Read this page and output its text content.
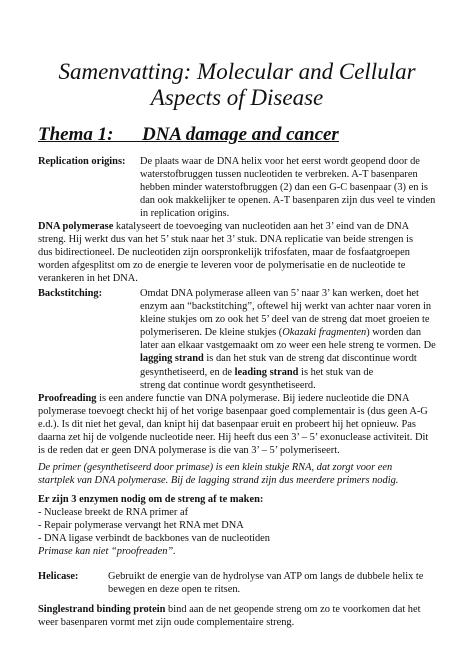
Samenvatting: Molecular and Cellular
Aspects of Disease
Thema 1: DNA damage and cancer
Replication origins: De plaats waar de DNA helix voor het eerst wordt geopend door de
waterstofbruggen tussen nucleotiden te verbreken. A-T basenparen
hebben minder waterstofbruggen (2) dan een G-C basenpaar (3) en is
dan ook makkelijker te openen. A-T basenparen zijn dus veel te vinden
in replication origins.
DNA polymerase katalyseert de toevoeging van nucleotiden aan het 3’ eind van de DNA
streng. Hij werkt dus van het 5’ stuk naar het 3’ stuk. DNA replicatie van beide strengen is
dus bidirectioneel. De nucleotiden zijn oorspronkelijk trifosfaten, maar de fosfaatgroepen
worden afgesplitst om zo de energie te leveren voor de polymerisatie en de nucleotide te
verankeren in het DNA.
Backstitching:	Omdat DNA polymerase alleen van 5’ naar 3’ kan werken, doet het
enzym aan “backstitching”, oftewel hij werkt van achter naar voren in
kleine stukjes om zo ook het 5’ deel van de streng dat moet groeien te
polymeriseren. De kleine stukjes (Okazaki fragmenten) worden dan
later aan elkaar vastgemaakt om zo weer een hele streng te vormen. De
lagging strand is dan het stuk van de streng dat discontinue wordt
gesynthetiseerd, en de leading strand is het stuk van de
streng dat continue wordt gesynthetiseerd.
Proofreading is een andere functie van DNA polymerase. Bij iedere nucleotide die DNA
polymerase toevoegt checkt hij of het vorige basenpaar goed complementair is (dus geen A-G
e.d.). Is dit niet het geval, dan knipt hij dat basenpaar eruit en probeert hij het opnieuw. Pas
daarna zet hij de volgende nucleotide neer. Hij heeft dus een 3’ – 5’ exonuclease activiteit. Dit
is de reden dat er geen DNA polymerase is die van 3’ – 5’ polymeriseert.
De primer (gesynthetiseerd door primase) is een klein stukje RNA, dat zorgt voor een
startplek van DNA polymerase. Bij de lagging strand zijn dus meerdere primers nodig.
Er zijn 3 enzymen nodig om de streng af te maken:
- Nuclease breekt de RNA primer af
- Repair polymerase vervangt het RNA met DNA
- DNA ligase verbindt de backbones van de nucleotiden
Primase kan niet “proofreaden”.
Helicase:	Gebruikt de energie van de hydrolyse van ATP om langs de dubbele helix te
bewegen en deze open te ritsen.
Singlestrand binding protein bind aan de net geopende streng om zo te voorkomen dat het
weer basenparen vormt met zijn oude complementaire streng.
